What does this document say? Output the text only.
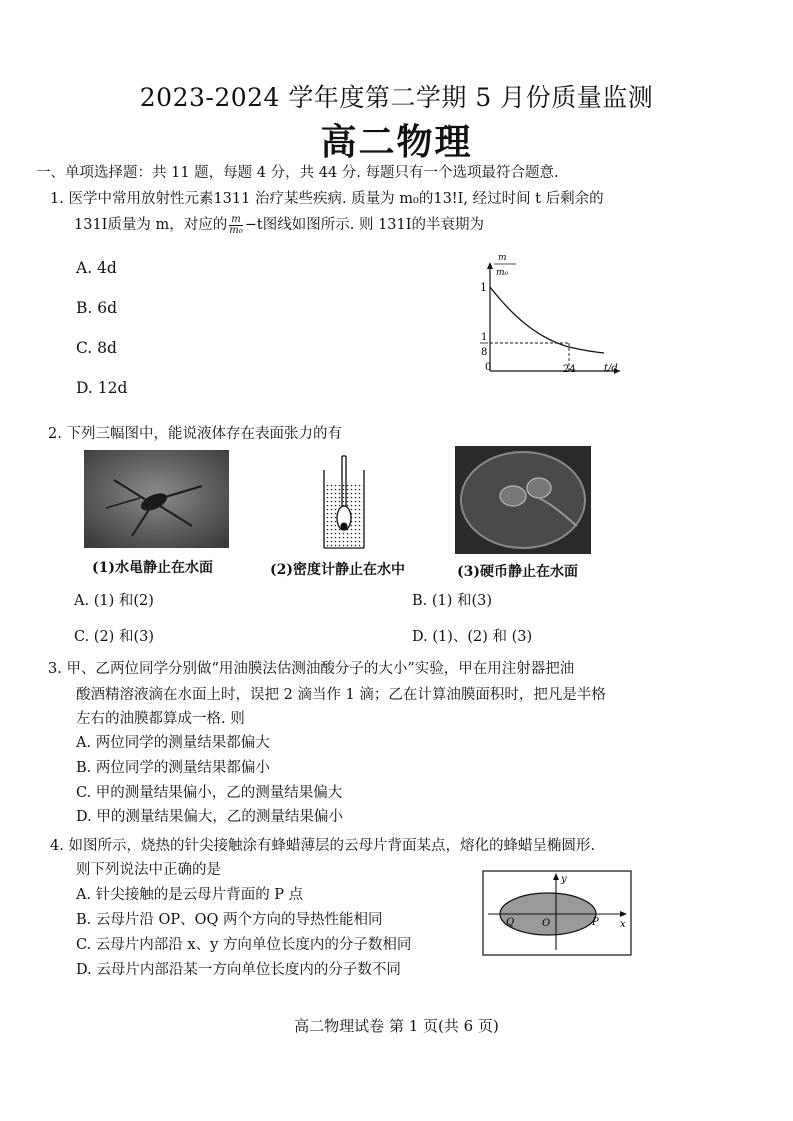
2023-2024 学年度第二学期 5 月份质量监测
高二物理
一、单项选择题：共 11 题，每题 4 分，共 44 分. 每题只有一个选项最符合题意.
1. 医学中常用放射性元素1311 治疗某些疾病. 质量为 m₀的13!I, 经过时间 t 后剩余的
131I质量为 m，对应的 $\frac{m}{\text{m₀}} -t$图线如图所示. 则 131I的半衰期为
A. 4d
B. 6d
C. 8d
D. 12d
m
m₀
1
1
8
0	24	t/d
2. 下列三幅图中，能说液体存在表面张力的有
(1)水黾静止在水面	(2)密度计静止在水中	(3)硬币静止在水面
A. (1) 和(2)	B. (1) 和(3)
C. (2) 和(3)	D. (1)、(2) 和 (3)
3. 甲、乙两位同学分别做“用油膜法估测油酸分子的大小”实验，甲在用注射器把油
酸酒精溶液滴在水面上时，误把 2 滴当作 1 滴；乙在计算油膜面积时，把凡是半格
左右的油膜都算成一格. 则
A. 两位同学的测量结果都偏大
B. 两位同学的测量结果都偏小
C. 甲的测量结果偏小，乙的测量结果偏大
D. 甲的测量结果偏大，乙的测量结果偏小
4. 如图所示，烧热的针尖接触涂有蜂蜡薄层的云母片背面某点，熔化的蜂蜡呈椭圆形.
则下列说法中正确的是
A. 针尖接触的是云母片背面的 P 点
B. 云母片沿 OP、OQ 两个方向的导热性能相同
C. 云母片内部沿 x、y 方向单位长度内的分子数相同
D. 云母片内部沿某一方向单位长度内的分子数不同
y
x
O	P
Q
高二物理试卷 第 1 页(共 6 页)
